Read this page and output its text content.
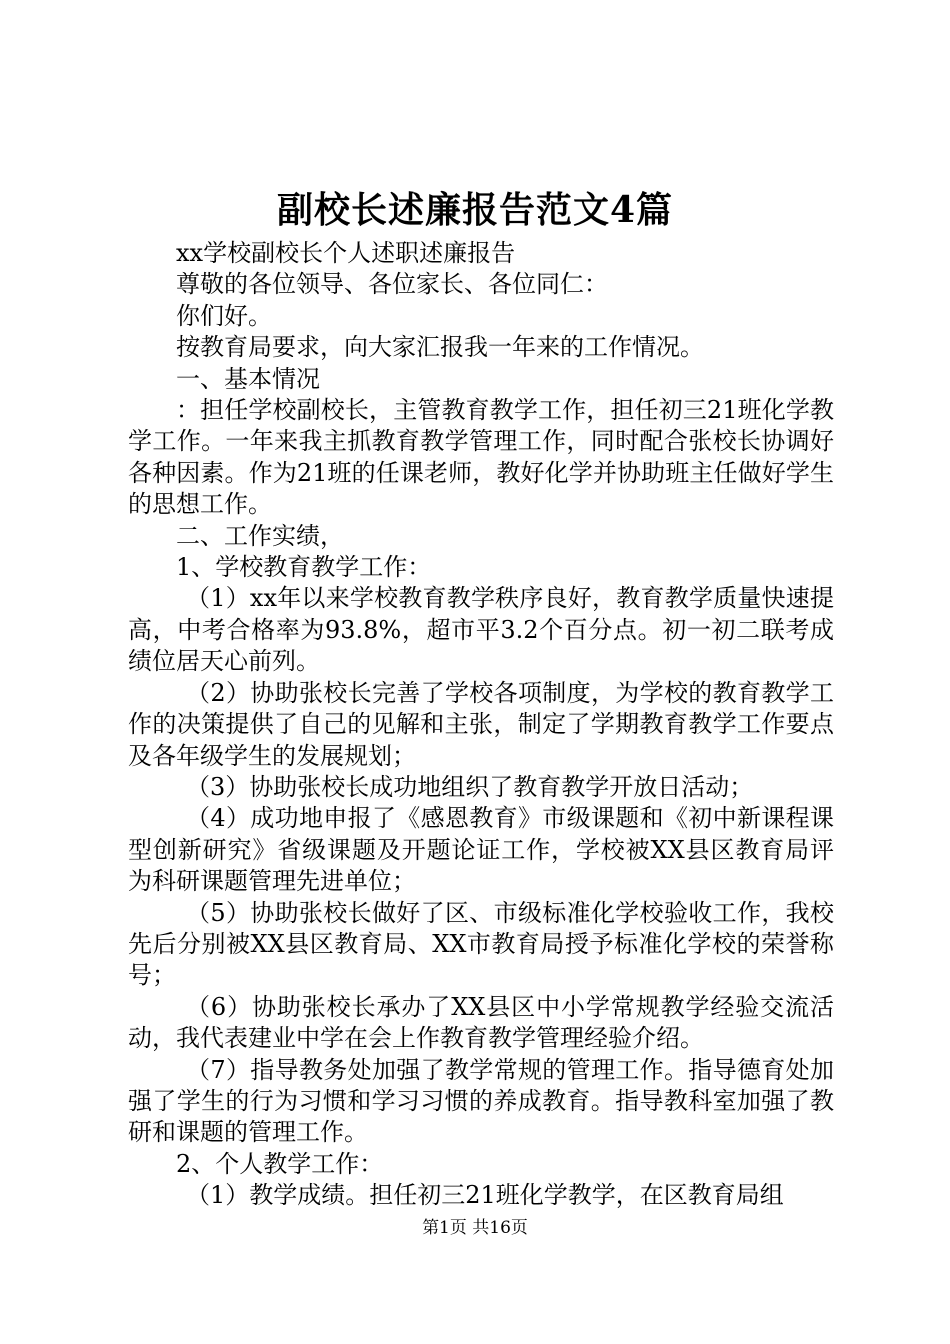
副校长述廉报告范文4篇

xx学校副校长个人述职述廉报告

尊敬的各位领导、各位家长、各位同仁：

你们好。

按教育局要求，向大家汇报我一年来的工作情况。

一、基本情况

：担任学校副校长，主管教育教学工作，担任初三21班化学教学工作。一年来我主抓教育教学管理工作，同时配合张校长协调好各种因素。作为21班的任课老师，教好化学并协助班主任做好学生的思想工作。

二、工作实绩，

1、学校教育教学工作：

（1）xx年以来学校教育教学秩序良好，教育教学质量快速提高，中考合格率为93.8%，超市平3.2个百分点。初一初二联考成绩位居天心前列。

（2）协助张校长完善了学校各项制度，为学校的教育教学工作的决策提供了自己的见解和主张，制定了学期教育教学工作要点及各年级学生的发展规划；

（3）协助张校长成功地组织了教育教学开放日活动；

（4）成功地申报了《感恩教育》市级课题和《初中新课程课型创新研究》省级课题及开题论证工作，学校被XX县区教育局评为科研课题管理先进单位；

（5）协助张校长做好了区、市级标准化学校验收工作，我校先后分别被XX县区教育局、XX市教育局授予标准化学校的荣誉称号；

（6）协助张校长承办了XX县区中小学常规教学经验交流活动，我代表建业中学在会上作教育教学管理经验介绍。

（7）指导教务处加强了教学常规的管理工作。指导德育处加强了学生的行为习惯和学习习惯的养成教育。指导教科室加强了教研和课题的管理工作。

2、个人教学工作：

（1）教学成绩。担任初三21班化学教学，在区教育局组

第1页 共16页
